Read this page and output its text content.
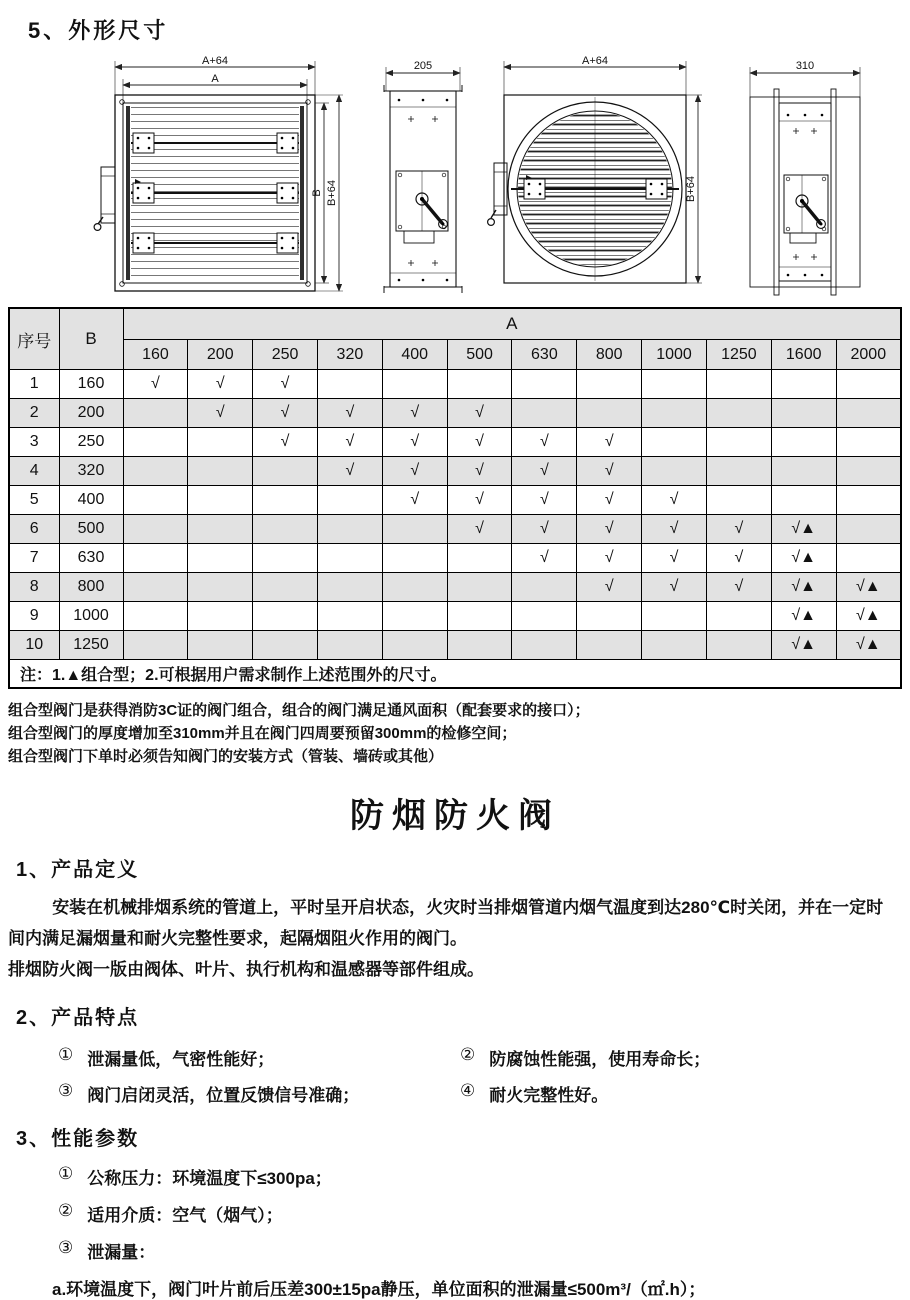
5、外形尺寸
A+64
A
B B+64
205	A+64
B+64
310
序号	B	A											
		160	200	250	320	400	500	630	800	1000	1250	1600	2000
1	160	√	√	√									
2	200		√	√	√	√	√						
3	250			√	√	√	√	√	√				
4	320				√	√	√	√	√				
5	400					√	√	√	√	√			
6	500						√	√	√	√	√	√▲	
7	630							√	√	√	√	√▲	
8	800								√	√	√	√▲	√▲
9	1000											√▲	√▲
10	1250											√▲	√▲
注：1.▲组合型；2.可根据用户需求制作上述范围外的尺寸。													
组合型阀门是获得消防3C证的阀门组合，组合的阀门满足通风面积（配套要求的接口）；
组合型阀门的厚度增加至310mm并且在阀门四周要预留300mm的检修空间；
组合型阀门下单时必须告知阀门的安装方式（管装、墙砖或其他）
防烟防火阀
1、产品定义
安装在机械排烟系统的管道上，平时呈开启状态，火灾时当排烟管道内烟气温度到达280℃时关闭，并在一定时间内满足漏烟量和耐火完整性要求，起隔烟阻火作用的阀门。
排烟防火阀一版由阀体、叶片、执行机构和温感器等部件组成。
2、产品特点
① 泄漏量低，气密性能好；	② 防腐蚀性能强，使用寿命长；
③ 阀门启闭灵活，位置反馈信号准确；	④ 耐火完整性好。
3、性能参数
① 公称压力：环境温度下≤300pa；
② 适用介质：空气（烟气）；
③ 泄漏量：
a.环境温度下，阀门叶片前后压差300±15pa静压，单位面积的泄漏量≤500m³/（㎡.h）；
